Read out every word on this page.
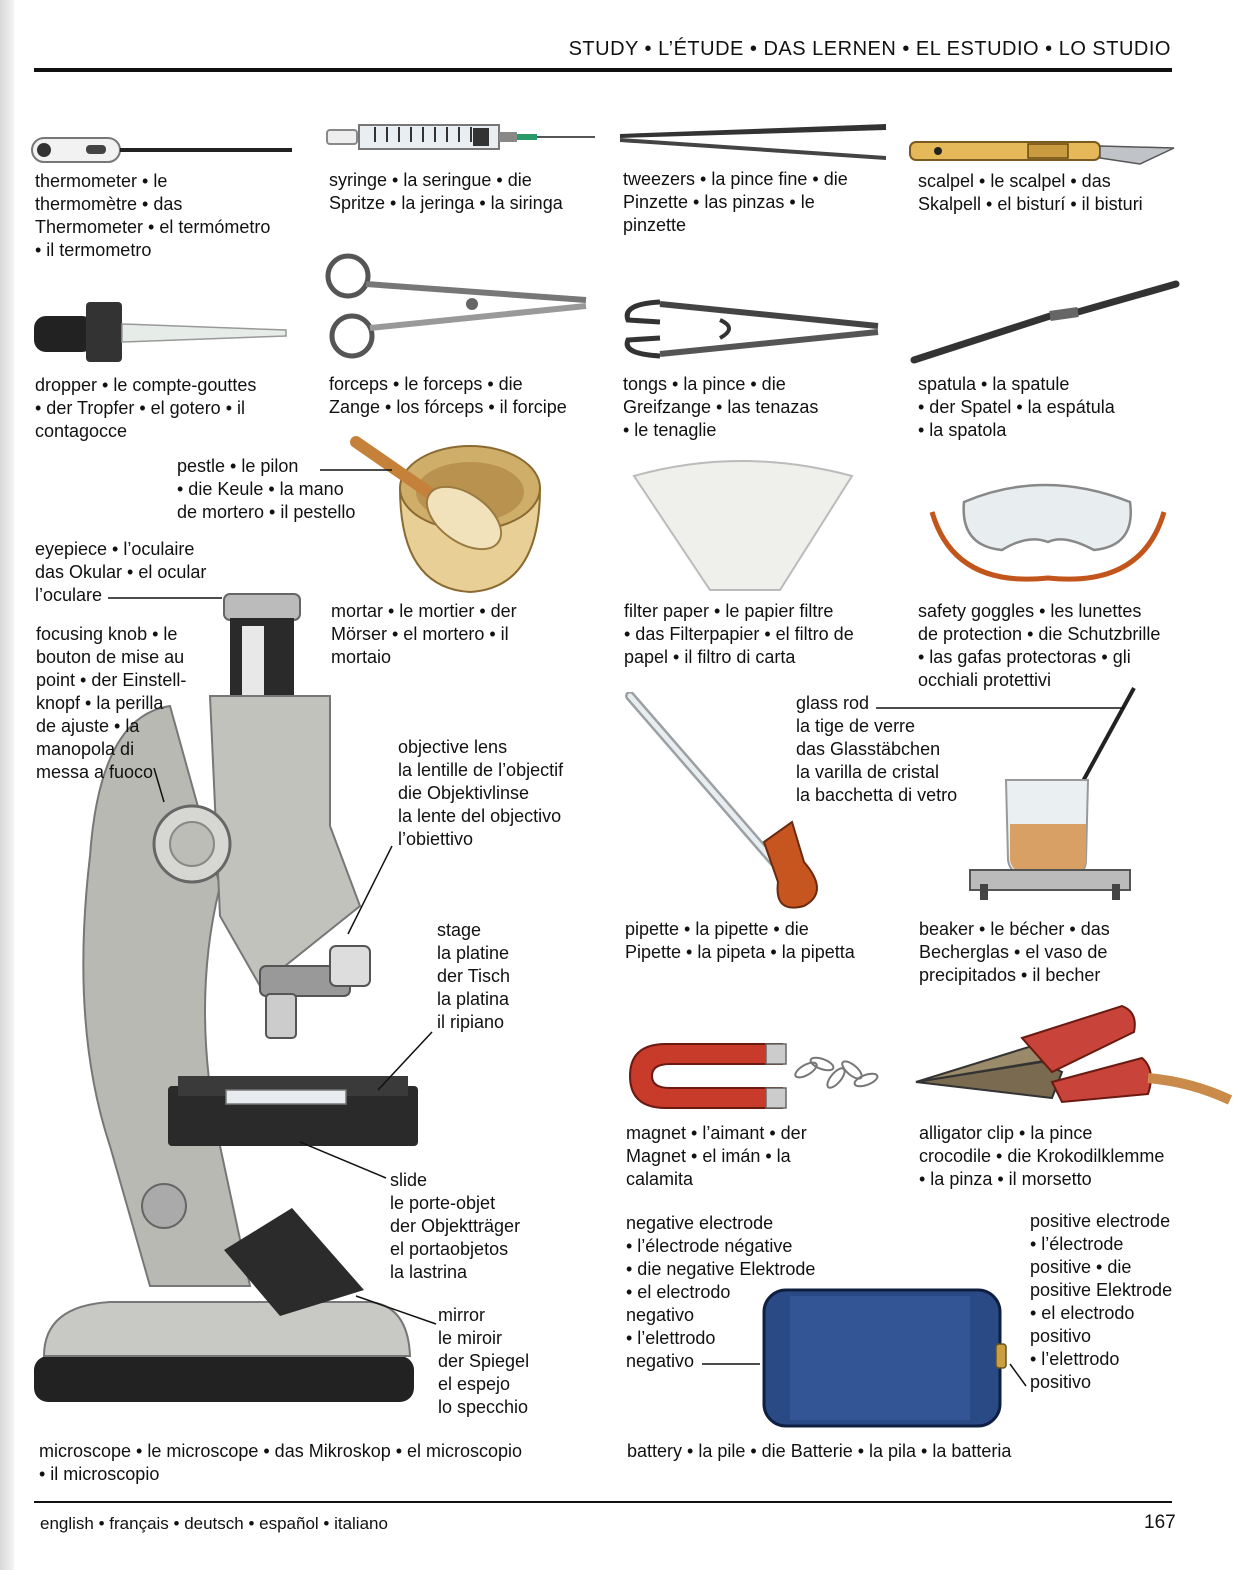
STUDY • L’ÉTUDE • DAS LERNEN • EL ESTUDIO • LO STUDIO
thermometer • le
thermomètre • das
Thermometer • el termómetro
• il termometro
syringe • la seringue • die
Spritze • la jeringa • la siringa
tweezers • la pince fine • die
Pinzette • las pinzas • le
pinzette
scalpel • le scalpel • das
Skalpell • el bisturí • il bisturi
dropper • le compte-gouttes
• der Tropfer • el gotero • il
contagocce
forceps • le forceps • die
Zange • los fórceps • il forcipe
tongs • la pince • die
Greifzange • las tenazas
• le tenaglie
spatula • la spatule
• der Spatel • la espátula
• la spatola
pestle • le pilon
• die Keule • la mano
de mortero • il pestello
eyepiece • l’oculaire
das Okular • el ocular
l’oculare
mortar • le mortier • der
Mörser • el mortero • il
mortaio
filter paper • le papier filtre
• das Filterpapier • el filtro de
papel • il filtro di carta
safety goggles • les lunettes
de protection • die Schutzbrille
• las gafas protectoras • gli
occhiali protettivi
focusing knob • le
bouton de mise au
point • der Einstell-
knopf • la perilla
de ajuste • la
manopola di
messa a fuoco
glass rod
la tige de verre
das Glasstäbchen
la varilla de cristal
la bacchetta di vetro
objective lens
la lentille de l’objectif
die Objektivlinse
la lente del objectivo
l’obiettivo
stage
la platine
der Tisch
la platina
il ripiano
pipette • la pipette • die
Pipette • la pipeta • la pipetta
beaker • le bécher • das
Becherglas • el vaso de
precipitados • il becher
magnet • l’aimant • der
Magnet • el imán • la
calamita
alligator clip • la pince
crocodile • die Krokodilklemme
• la pinza • il morsetto
slide
le porte-objet
der Objektträger
el portaobjetos
la lastrina
negative electrode
• l’électrode négative
• die negative Elektrode
• el electrodo
negativo
• l’elettrodo
negativo
positive electrode
• l’électrode
positive • die
positive Elektrode
• el electrodo
positivo
• l’elettrodo
positivo
mirror
le miroir
der Spiegel
el espejo
lo specchio
microscope • le microscope • das Mikroskop • el microscopio
• il microscopio
battery • la pile • die Batterie • la pila • la batteria
english • français • deutsch • español • italiano	167
